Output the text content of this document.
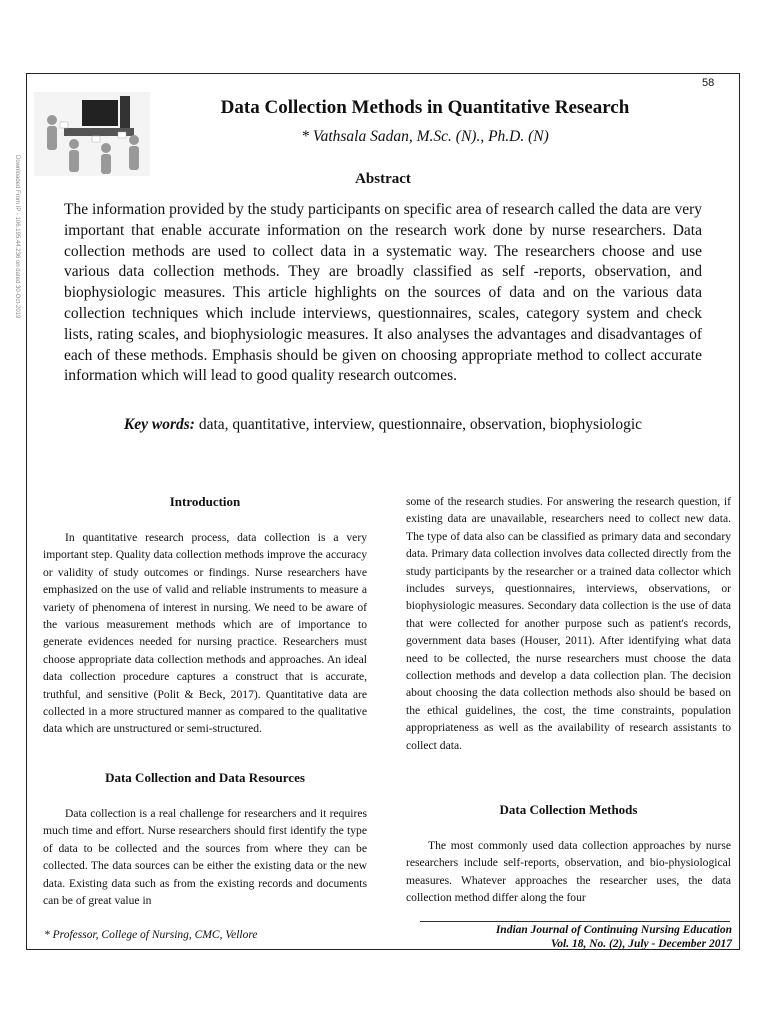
58
Downloaded From IP - 106.195.44.236 on dated 30-Oct-2019
Data Collection Methods in Quantitative Research
* Vathsala Sadan, M.Sc. (N)., Ph.D. (N)
Abstract
The information provided by the study participants on specific area of research called the data are very important that enable accurate information on the research work done by nurse researchers. Data collection methods are used to collect data in a systematic way. The researchers choose and use various data collection methods. They are broadly classified as self -reports, observation, and biophysiologic measures. This article highlights on the sources of data and on the various data collection techniques which include interviews, questionnaires, scales, category system and check lists, rating scales, and biophysiologic measures. It also analyses the advantages and disadvantages of each of these methods. Emphasis should be given on choosing appropriate method to collect accurate information which will lead to good quality research outcomes.
Key words: data, quantitative, interview, questionnaire, observation, biophysiologic
Introduction
In quantitative research process, data collection is a very important step. Quality data collection methods improve the accuracy or validity of study outcomes or findings. Nurse researchers have emphasized on the use of valid and reliable instruments to measure a variety of phenomena of interest in nursing. We need to be aware of the various measurement methods which are of importance to generate evidences needed for nursing practice. Researchers must choose appropriate data collection methods and approaches. An ideal data collection procedure captures a construct that is accurate, truthful, and sensitive (Polit & Beck, 2017). Quantitative data are collected in a more structured manner as compared to the qualitative data which are unstructured or semi-structured.
Data Collection and Data Resources
Data collection is a real challenge for researchers and it requires much time and effort. Nurse researchers should first identify the type of data to be collected and the sources from where they can be collected. The data sources can be either the existing data or the new data. Existing data such as from the existing records and documents can be of great value in
some of the research studies. For answering the research question, if existing data are unavailable, researchers need to collect new data. The type of data also can be classified as primary data and secondary data. Primary data collection involves data collected directly from the study participants by the researcher or a trained data collector which includes surveys, questionnaires, interviews, observations, or biophysiologic measures. Secondary data collection is the use of data that were collected for another purpose such as patient's records, government data bases (Houser, 2011). After identifying what data need to be collected, the nurse researchers must choose the data collection methods and develop a data collection plan. The decision about choosing the data collection methods also should be based on the ethical guidelines, the cost, the time constraints, population appropriateness as well as the availability of research assistants to collect data.
Data Collection Methods
The most commonly used data collection approaches by nurse researchers include self-reports, observation, and bio-physiological measures. Whatever approaches the researcher uses, the data collection method differ along the four
* Professor, College of Nursing, CMC, Vellore	Indian Journal of Continuing Nursing Education
Vol. 18, No. (2), July - December 2017
